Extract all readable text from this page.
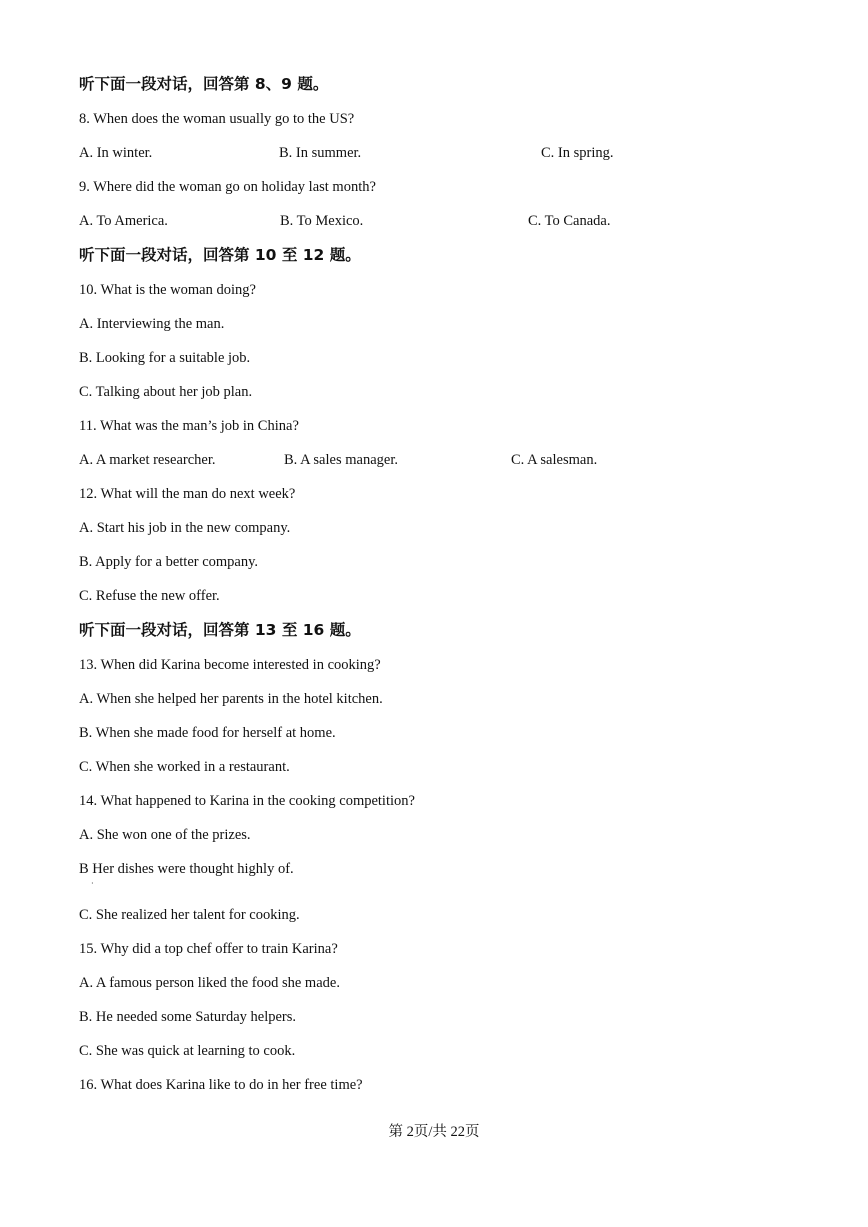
听下面一段对话，回答第 8、9 题。
8. When does the woman usually go to the US?
A. In winter.	B. In summer.	C. In spring.
9. Where did the woman go on holiday last month?
A. To America.	B. To Mexico.	C. To Canada.
听下面一段对话，回答第 10 至 12 题。
10. What is the woman doing?
A. Interviewing the man.
B. Looking for a suitable job.
C. Talking about her job plan.
11. What was the man’s job in China?
A. A market researcher.	B. A sales manager.	C. A salesman.
12. What will the man do next week?
A. Start his job in the new company.
B. Apply for a better company.
C. Refuse the new offer.
听下面一段对话，回答第 13 至 16 题。
13. When did Karina become interested in cooking?
A. When she helped her parents in the hotel kitchen.
B. When she made food for herself at home.
C. When she worked in a restaurant.
14. What happened to Karina in the cooking competition?
A. She won one of the prizes.
B Her dishes were thought highly of.
·
C. She realized her talent for cooking.
15. Why did a top chef offer to train Karina?
A. A famous person liked the food she made.
B. He needed some Saturday helpers.
C. She was quick at learning to cook.
16. What does Karina like to do in her free time?
第 2页/共 22页
